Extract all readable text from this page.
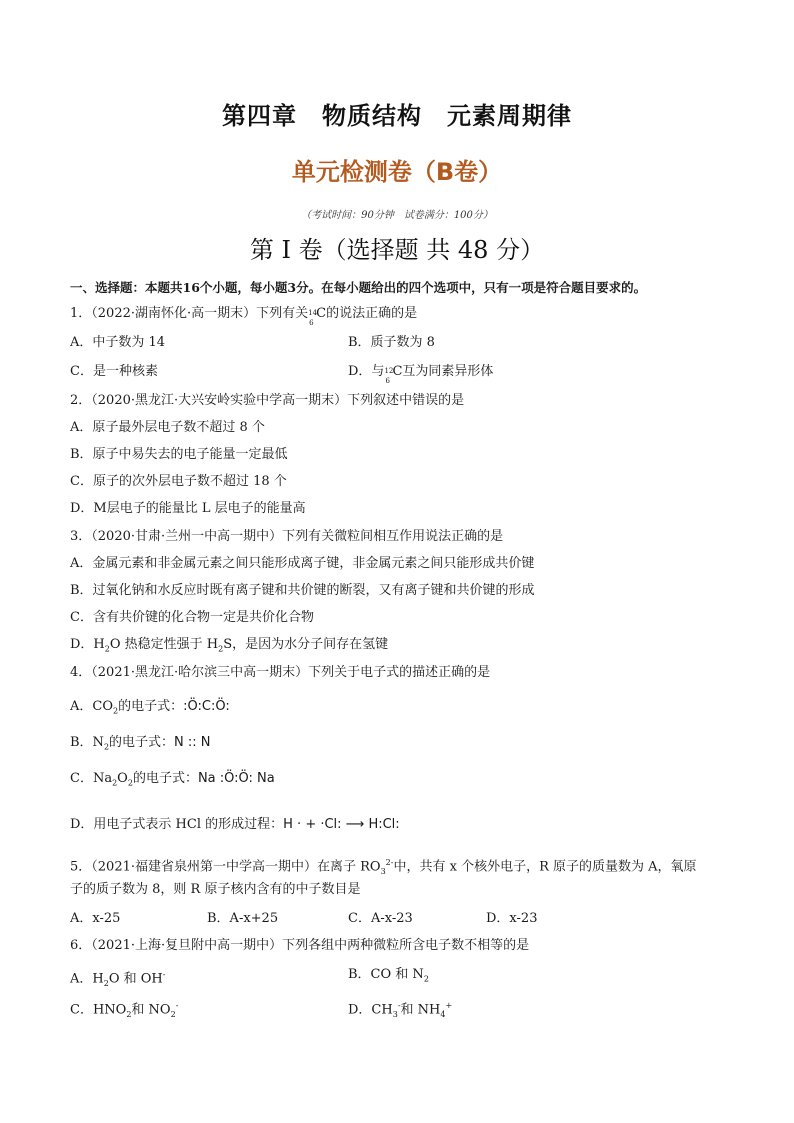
第四章　物质结构　元素周期律
单元检测卷（B卷）
（考试时间：90分钟　试卷满分：100分）
第 I 卷（选择题 共 48 分）
一、选择题：本题共16个小题，每小题3分。在每小题给出的四个选项中，只有一项是符合题目要求的。
1．（2022·湖南怀化·高一期末）下列有关 14
6
C的说法正确的是
A．中子数为 14	B．质子数为 8
C．是一种核素	D．与 12
6
C互为同素异形体
2．（2020·黑龙江·大兴安岭实验中学高一期末）下列叙述中错误的是
A．原子最外层电子数不超过 8 个
B．原子中易失去的电子能量一定最低
C．原子的次外层电子数不超过 18 个
D．M层电子的能量比 L 层电子的能量高
3．（2020·甘肃·兰州一中高一期中）下列有关微粒间相互作用说法正确的是
A．金属元素和非金属元素之间只能形成离子键，非金属元素之间只能形成共价键
B．过氧化钠和水反应时既有离子键和共价键的断裂，又有离子键和共价键的形成
C．含有共价键的化合物一定是共价化合物
D．$H_2O$ 热稳定性强于 $H_2S$，是因为水分子间存在氢键
4．（2021·黑龙江·哈尔滨三中高一期末）下列关于电子式的描述正确的是
A．$CO_2$的电子式：:Ö:C:Ö:
B．$N_2$的电子式：N :: N
C．$Na_2O_2$的电子式：Na :Ö:Ö: Na
D．用电子式表示 HCl 的形成过程：H · + ·Cl: ⟶ H:Cl:
5．（2021·福建省泉州第一中学高一期中）在离子 $RO_3^{2-}$中，共有 x 个核外电子，R 原子的质量数为 A，氧原
子的质子数为 8，则 R 原子核内含有的中子数目是
A．x-25	B．A-x+25	C．A-x-23	D．x-23
6．（2021·上海·复旦附中高一期中）下列各组中两种微粒所含电子数不相等的是
A．$H_2O$ 和 OH-	B．CO 和 $N_2$
C．$HNO_2$和 $NO_2^-$	D．$CH_3^-$和 $NH_4^+$
